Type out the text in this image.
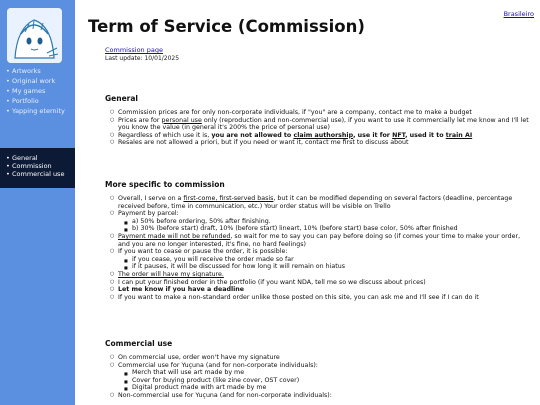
• Artworks
• Original work
• My games
• Portfolio
• Yapping eternity
• General
• Commission
• Commercial use
Brasileiro
Term of Service (Commission)
Commission page
Last update: 10/01/2025
General
○ Commission prices are for only non-corporate individuals, if "you" are a company, contact me to make a budget
○ Prices are for personal use only (reproduction and non-commercial use), if you want to use it commercially let me know and I'll let you know the value (in general it's 200% the price of personal use)
○ Regardless of which use it is, you are not allowed to claim authorship, use it for NFT, used it to train AI
○ Resales are not allowed a priori, but if you need or want it, contact me first to discuss about
More specific to commission
○ Overall, I serve on a first-come, first-served basis, but it can be modified depending on several factors (deadline, percentage received before, time in communication, etc.) Your order status will be visible on Trello
○ Payment by parcel:
■ a) 50% before ordering, 50% after finishing.
■ b) 30% (before start) draft, 10% (before start) lineart, 10% (before start) base color, 50% after finished
○ Payment made will not be refunded, so wait for me to say you can pay before doing so (if comes your time to make your order, and you are no longer interested, it's fine, no hard feelings)
○ If you want to cease or pause the order, it is possible:
■ if you cease, you will receive the order made so far
■ if it pauses, it will be discussed for how long it will remain on hiatus
○ The order will have my signature.
○ I can put your finished order in the portfolio (if you want NDA, tell me so we discuss about prices)
○ Let me know if you have a deadline
○ If you want to make a non-standard order unlike those posted on this site, you can ask me and I'll see if I can do it
Commercial use
○ On commercial use, order won't have my signature
○ Commercial use for Yuçuna (and for non-corporate individuals):
■ Merch that will use art made by me
■ Cover for buying product (like zine cover, OST cover)
■ Digital product made with art made by me
○ Non-commercial use for Yuçuna (and for non-corporate individuals):
